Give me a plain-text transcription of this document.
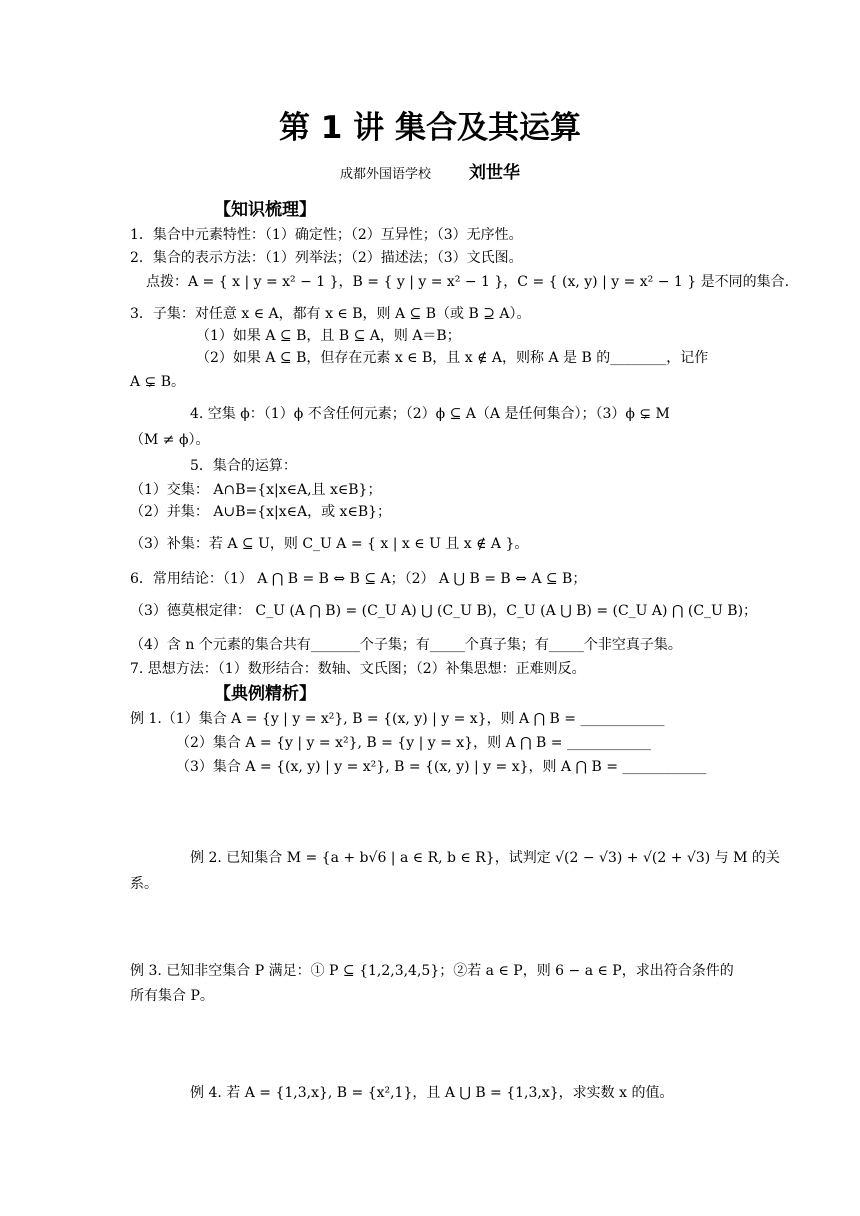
第 1 讲 集合及其运算
成都外国语学校 刘世华
【知识梳理】
【典例精析】
1．集合中元素特性：（1）确定性；（2）互异性；（3）无序性。
2．集合的表示方法：（1）列举法；（2）描述法；（3）文氏图。
点拨：A = { x | y = x² − 1 }，B = { y | y = x² − 1 }，C = { (x, y) | y = x² − 1 } 是不同的集合.
3．子集：对任意 x ∈ A，都有 x ∈ B，则 A ⊆ B（或 B ⊇ A）。
（1）如果 A ⊆ B，且 B ⊆ A，则 A＝B；
（2）如果 A ⊆ B，但存在元素 x ∈ B，且 x ∉ A，则称 A 是 B 的________，记作
A ⊊ B。
4. 空集 ϕ：（1）ϕ 不含任何元素；（2）ϕ ⊆ A（A 是任何集合）；（3）ϕ ⊊ M
（M ≠ ϕ）。
5．集合的运算：
（1）交集： A∩B={x|x∈A,且 x∈B}；
（2）并集： A∪B={x|x∈A，或 x∈B}；
（3）补集：若 A ⊆ U，则 C_U A = { x | x ∈ U 且 x ∉ A }。
6．常用结论：（1） A ⋂ B = B ⇔ B ⊆ A；（2） A ⋃ B = B ⇔ A ⊆ B；
（3）德莫根定律： C_U (A ⋂ B) = (C_U A) ⋃ (C_U B)，C_U (A ⋃ B) = (C_U A) ⋂ (C_U B)；
（4）含 n 个元素的集合共有_______个子集；有_____个真子集；有_____个非空真子集。
7. 思想方法：（1）数形结合：数轴、文氏图；（2）补集思想：正难则反。
例 1.（1）集合 A = {y | y = x²}, B = {(x, y) | y = x}，则 A ⋂ B = ____________
（2）集合 A = {y | y = x²}, B = {y | y = x}，则 A ⋂ B = ____________
（3）集合 A = {(x, y) | y = x²}, B = {(x, y) | y = x}，则 A ⋂ B = ____________
例 2. 已知集合 M = {a + b√6 | a ∈ R, b ∈ R}，试判定 √(2 − √3) + √(2 + √3) 与 M 的关
系。
例 3. 已知非空集合 P 满足：① P ⊆ {1,2,3,4,5}；②若 a ∈ P，则 6 − a ∈ P，求出符合条件的
所有集合 P。
例 4. 若 A = {1,3,x}, B = {x²,1}，且 A ⋃ B = {1,3,x}，求实数 x 的值。
